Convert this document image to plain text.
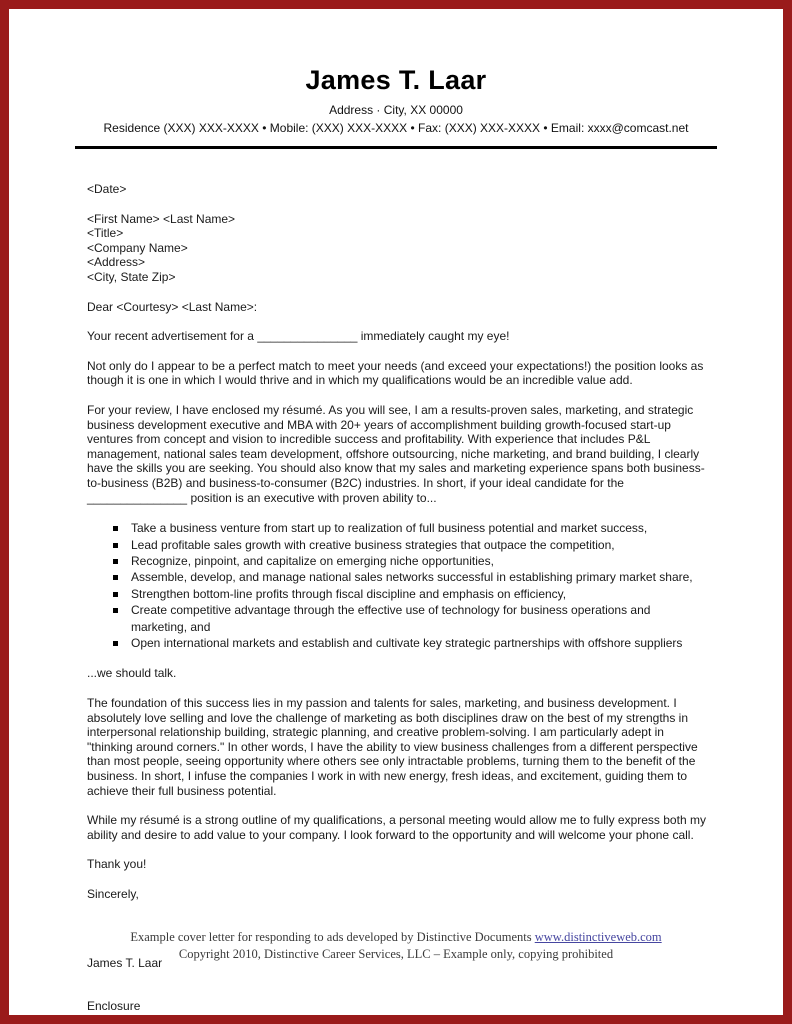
James T. Laar
Address · City, XX 00000
Residence (XXX) XXX-XXXX • Mobile: (XXX) XXX-XXXX • Fax: (XXX) XXX-XXXX • Email: xxxx@comcast.net
<Date>
<First Name> <Last Name>
<Title>
<Company Name>
<Address>
<City, State Zip>
Dear <Courtesy> <Last Name>:
Your recent advertisement for a _______________ immediately caught my eye!
Not only do I appear to be a perfect match to meet your needs (and exceed your expectations!) the position looks as though it is one in which I would thrive and in which my qualifications would be an incredible value add.
For your review, I have enclosed my résumé. As you will see, I am a results-proven sales, marketing, and strategic business development executive and MBA with 20+ years of accomplishment building growth-focused start-up ventures from concept and vision to incredible success and profitability. With experience that includes P&L management, national sales team development, offshore outsourcing, niche marketing, and brand building, I clearly have the skills you are seeking. You should also know that my sales and marketing experience spans both business-to-business (B2B) and business-to-consumer (B2C) industries. In short, if your ideal candidate for the _______________ position is an executive with proven ability to...
Take a business venture from start up to realization of full business potential and market success,
Lead profitable sales growth with creative business strategies that outpace the competition,
Recognize, pinpoint, and capitalize on emerging niche opportunities,
Assemble, develop, and manage national sales networks successful in establishing primary market share,
Strengthen bottom-line profits through fiscal discipline and emphasis on efficiency,
Create competitive advantage through the effective use of technology for business operations and marketing, and
Open international markets and establish and cultivate key strategic partnerships with offshore suppliers
...we should talk.
The foundation of this success lies in my passion and talents for sales, marketing, and business development. I absolutely love selling and love the challenge of marketing as both disciplines draw on the best of my strengths in interpersonal relationship building, strategic planning, and creative problem-solving. I am particularly adept in "thinking around corners." In other words, I have the ability to view business challenges from a different perspective than most people, seeing opportunity where others see only intractable problems, turning them to the benefit of the business. In short, I infuse the companies I work in with new energy, fresh ideas, and excitement, guiding them to achieve their full business potential.
While my résumé is a strong outline of my qualifications, a personal meeting would allow me to fully express both my ability and desire to add value to your company. I look forward to the opportunity and will welcome your phone call.
Thank you!
Sincerely,
James T. Laar
Enclosure
Example cover letter for responding to ads developed by Distinctive Documents www.distinctiveweb.com
Copyright 2010, Distinctive Career Services, LLC – Example only, copying prohibited
